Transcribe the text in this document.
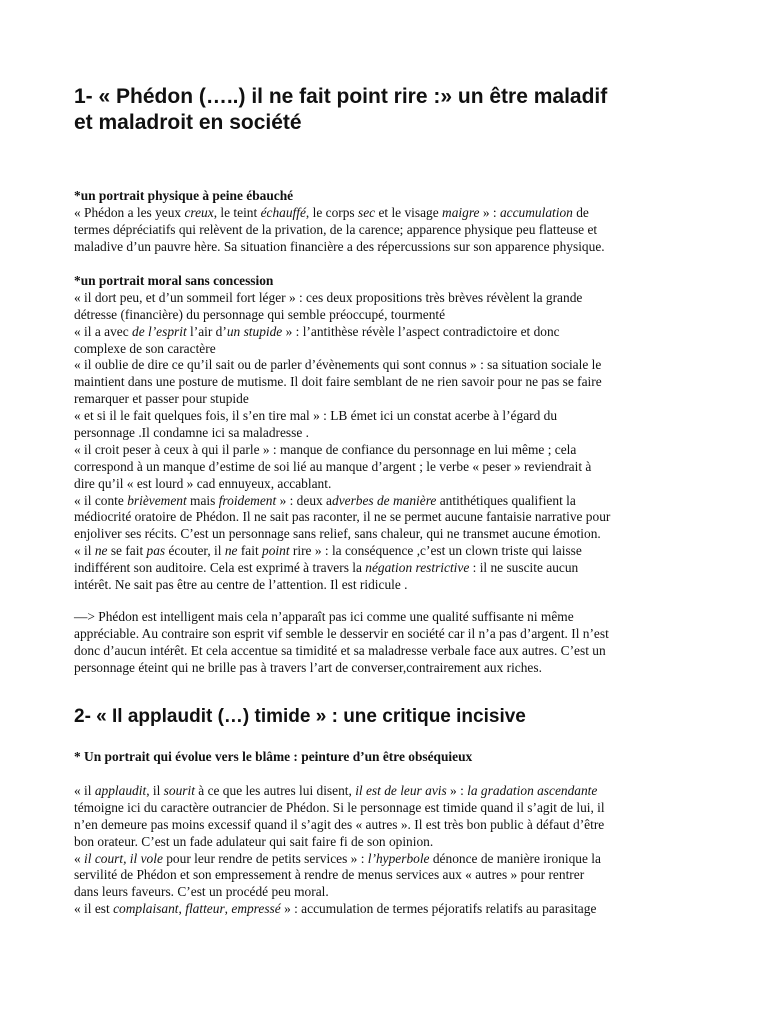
1- « Phédon (…..) il ne fait point rire :» un être maladif
et maladroit en société
*un portrait physique à peine ébauché
« Phédon a les yeux creux, le teint échauffé, le corps sec et le visage maigre » : accumulation de
termes dépréciatifs qui relèvent de la privation, de la carence; apparence physique peu flatteuse et
maladive d’un pauvre hère. Sa situation financière a des répercussions sur son apparence physique.
*un portrait moral sans concession
« il dort peu, et d’un sommeil fort léger » : ces deux propositions très brèves révèlent la grande
détresse (financière) du personnage qui semble préoccupé, tourmenté
« il a avec de l’esprit l’air d’un stupide » : l’antithèse révèle l’aspect contradictoire et donc
complexe de son caractère
« il oublie de dire ce qu’il sait ou de parler d’évènements qui sont connus » : sa situation sociale le
maintient dans une posture de mutisme. Il doit faire semblant de ne rien savoir pour ne pas se faire
remarquer et passer pour stupide
« et si il le fait quelques fois, il s’en tire mal » : LB émet ici un constat acerbe à l’égard du
personnage .Il condamne ici sa maladresse .
« il croit peser à ceux à qui il parle » : manque de confiance du personnage en lui même ; cela
correspond à un manque d’estime de soi lié au manque d’argent ; le verbe « peser » reviendrait à
dire qu’il « est lourd » cad ennuyeux, accablant.
« il conte brièvement mais froidement » : deux adverbes de manière antithétiques qualifient la
médiocrité oratoire de Phédon. Il ne sait pas raconter, il ne se permet aucune fantaisie narrative pour
enjoliver ses récits. C’est un personnage sans relief, sans chaleur, qui ne transmet aucune émotion.
« il ne se fait pas écouter, il ne fait point rire » : la conséquence ,c’est un clown triste qui laisse
indifférent son auditoire. Cela est exprimé à travers la négation restrictive : il ne suscite aucun
intérêt. Ne sait pas être au centre de l’attention. Il est ridicule .
—> Phédon est intelligent mais cela n’apparaît pas ici comme une qualité suffisante ni même
appréciable. Au contraire son esprit vif semble le desservir en société car il n’a pas d’argent. Il n’est
donc d’aucun intérêt. Et cela accentue sa timidité et sa maladresse verbale face aux autres. C’est un
personnage éteint qui ne brille pas à travers l’art de converser,contrairement aux riches.
2- « Il applaudit (…) timide » : une critique incisive
* Un portrait qui évolue vers le blâme : peinture d’un être obséquieux
« il applaudit, il sourit à ce que les autres lui disent, il est de leur avis » : la gradation ascendante
témoigne ici du caractère outrancier de Phédon. Si le personnage est timide quand il s’agit de lui, il
n’en demeure pas moins excessif quand il s’agit des « autres ». Il est très bon public à défaut d’être
bon orateur. C’est un fade adulateur qui sait faire fi de son opinion.
« il court, il vole pour leur rendre de petits services » : l’hyperbole dénonce de manière ironique la
servilité de Phédon et son empressement à rendre de menus services aux « autres » pour rentrer
dans leurs faveurs. C’est un procédé peu moral.
« il est complaisant, flatteur, empressé » : accumulation de termes péjoratifs relatifs au parasitage
